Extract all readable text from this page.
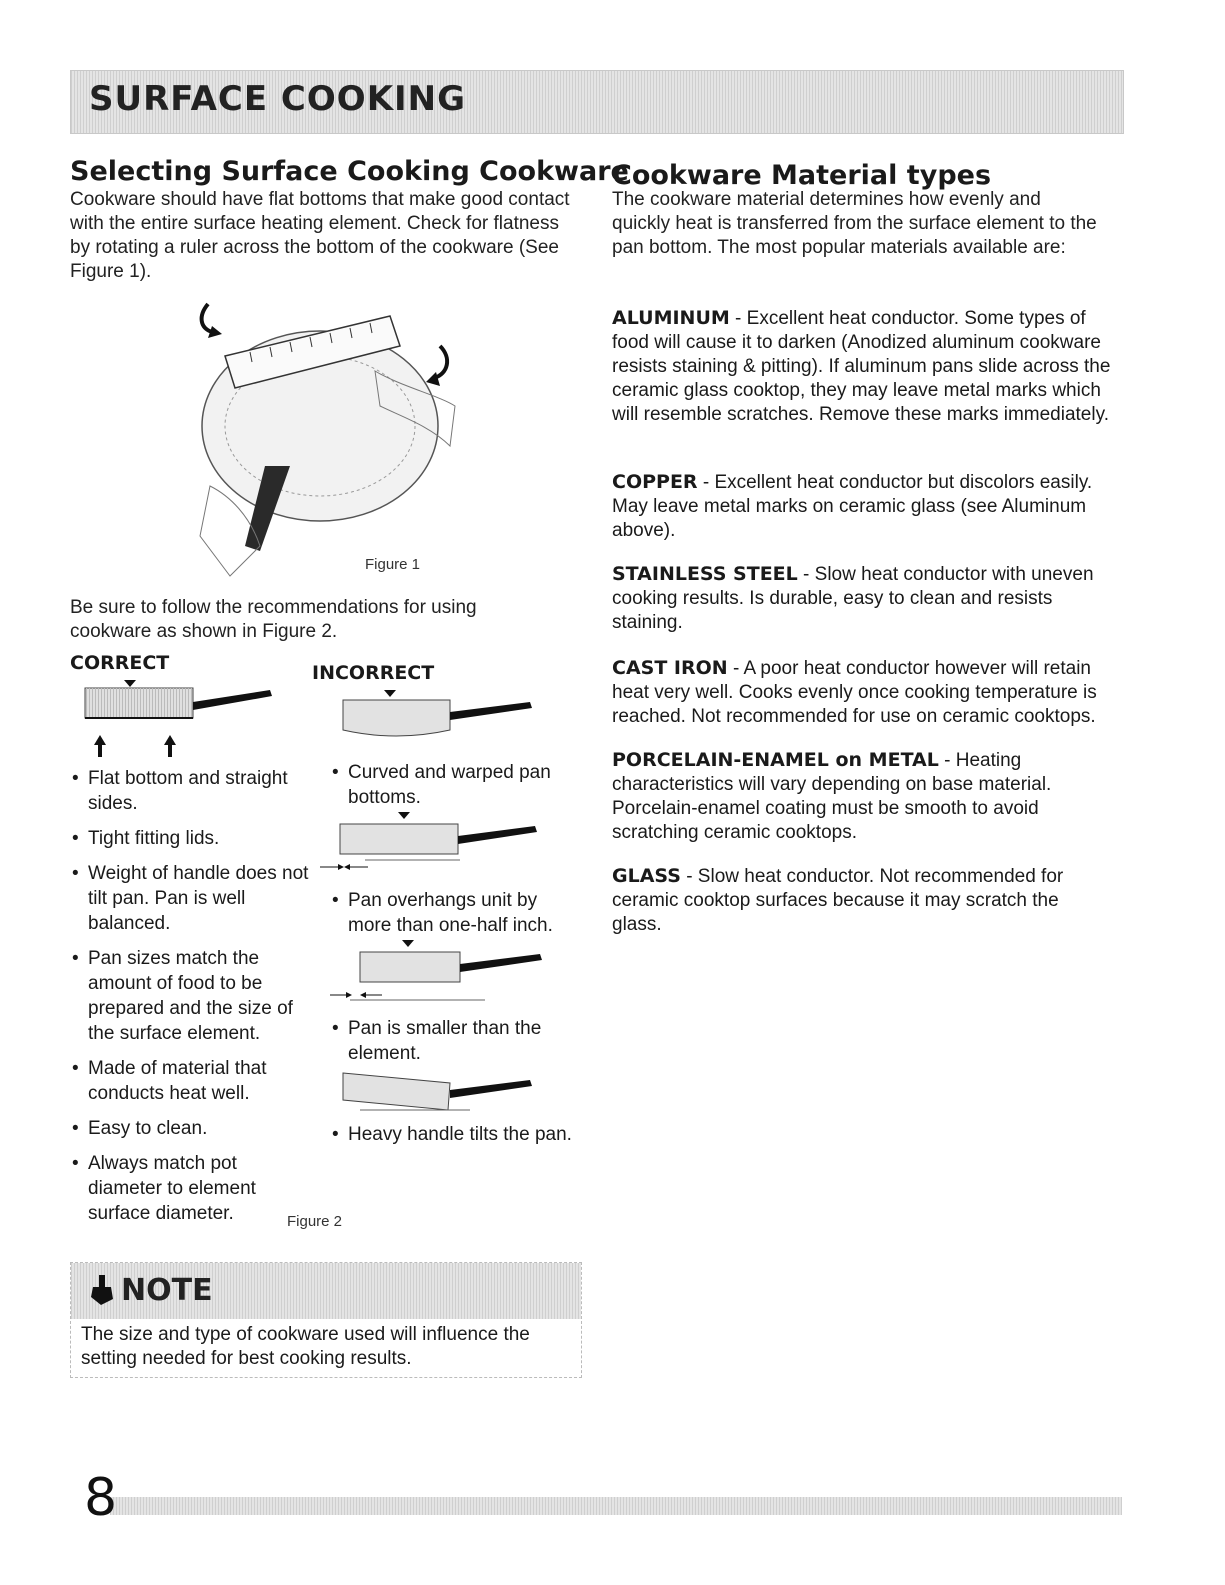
SURFACE COOKING
Selecting Surface Cooking Cookware

Cookware should have flat bottoms that make good contact with the entire surface heating element. Check for flatness by rotating a ruler across the bottom of the cookware (See Figure 1).

Figure 1

Be sure to follow the recommendations for using cookware as shown in Figure 2.

CORRECT	INCORRECT
• Flat bottom and straight sides.
• Tight fitting lids.
• Weight of handle does not tilt pan. Pan is well balanced.
• Pan sizes match the amount of food to be prepared and the size of the surface element.
• Made of material that conducts heat well.
• Easy to clean.
• Always match pot diameter to element surface diameter.
• Curved and warped pan bottoms.
• Pan overhangs unit by more than one-half inch.
• Pan is smaller than the element.
• Heavy handle tilts the pan.
Figure 2
NOTE
The size and type of cookware used will influence the setting needed for best cooking results.
Cookware Material types

The cookware material determines how evenly and quickly heat is transferred from the surface element to the pan bottom. The most popular materials available are:

ALUMINUM - Excellent heat conductor. Some types of food will cause it to darken (Anodized aluminum cookware resists staining & pitting). If aluminum pans slide across the ceramic glass cooktop, they may leave metal marks which will resemble scratches. Remove these marks immediately.

COPPER - Excellent heat conductor but discolors easily. May leave metal marks on ceramic glass (see Aluminum above).

STAINLESS STEEL - Slow heat conductor with uneven cooking results. Is durable, easy to clean and resists staining.

CAST IRON - A poor heat conductor however will retain heat very well. Cooks evenly once cooking temperature is reached. Not recommended for use on ceramic cooktops.

PORCELAIN-ENAMEL on METAL - Heating characteristics will vary depending on base material. Porcelain-enamel coating must be smooth to avoid scratching ceramic cooktops.

GLASS - Slow heat conductor. Not recommended for ceramic cooktop surfaces because it may scratch the glass.

8
